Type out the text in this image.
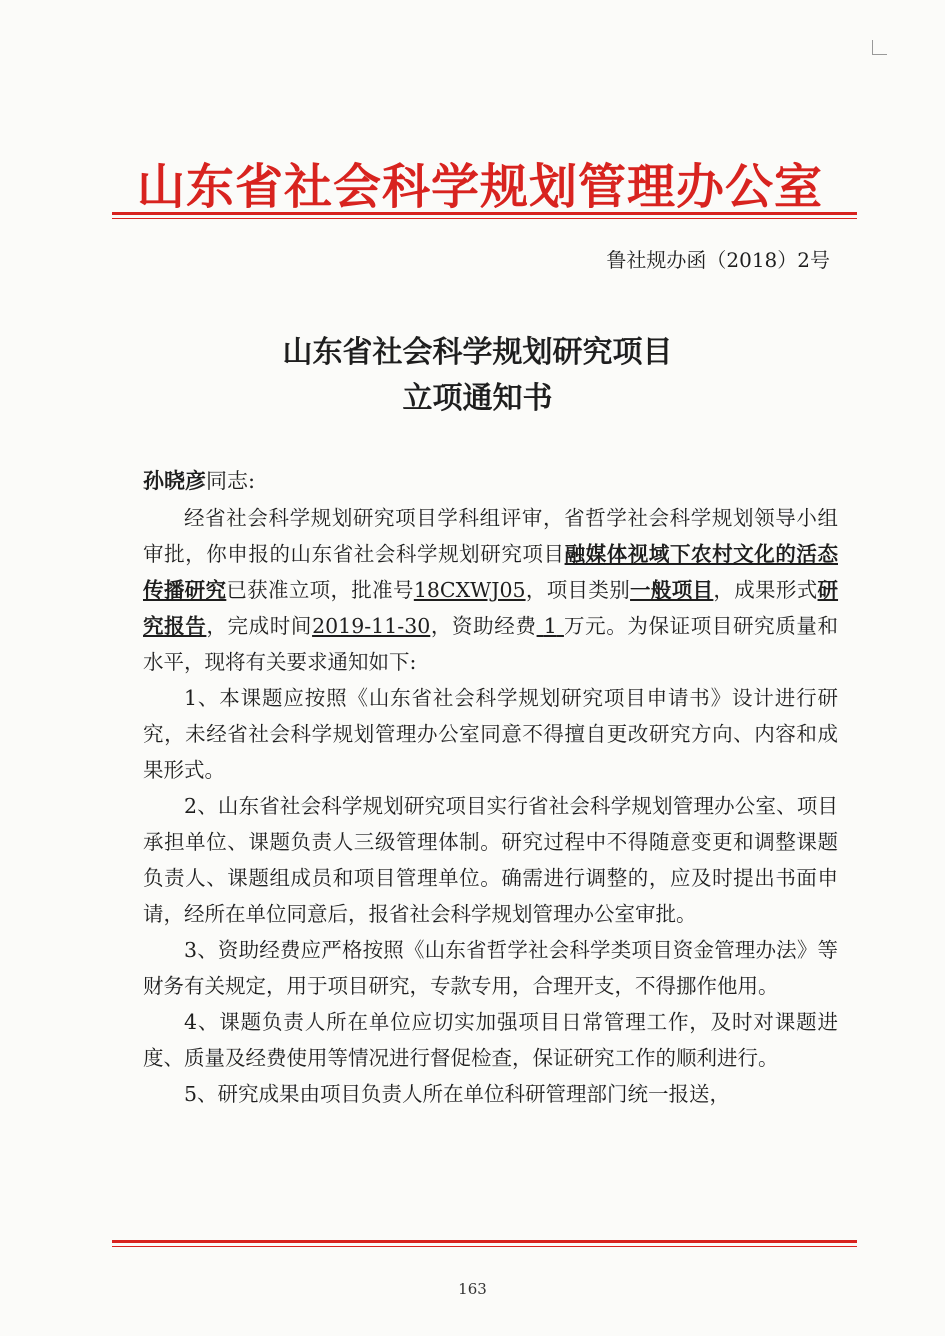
山东省社会科学规划管理办公室
鲁社规办函（2018）2号
山东省社会科学规划研究项目
立项通知书
孙晓彦同志:

经省社会科学规划研究项目学科组评审，省哲学社会科学规划领导小组审批，你申报的山东省社会科学规划研究项目融媒体视域下农村文化的活态传播研究已获准立项，批准号18CXWJ05，项目类别一般项目，成果形式研究报告，完成时间2019-11-30，资助经费 1 万元。为保证项目研究质量和水平，现将有关要求通知如下:

1、本课题应按照《山东省社会科学规划研究项目申请书》设计进行研究，未经省社会科学规划管理办公室同意不得擅自更改研究方向、内容和成果形式。

2、山东省社会科学规划研究项目实行省社会科学规划管理办公室、项目承担单位、课题负责人三级管理体制。研究过程中不得随意变更和调整课题负责人、课题组成员和项目管理单位。确需进行调整的，应及时提出书面申请，经所在单位同意后，报省社会科学规划管理办公室审批。

3、资助经费应严格按照《山东省哲学社会科学类项目资金管理办法》等财务有关规定，用于项目研究，专款专用，合理开支，不得挪作他用。

4、课题负责人所在单位应切实加强项目日常管理工作，及时对课题进度、质量及经费使用等情况进行督促检查，保证研究工作的顺利进行。

5、研究成果由项目负责人所在单位科研管理部门统一报送，

163
